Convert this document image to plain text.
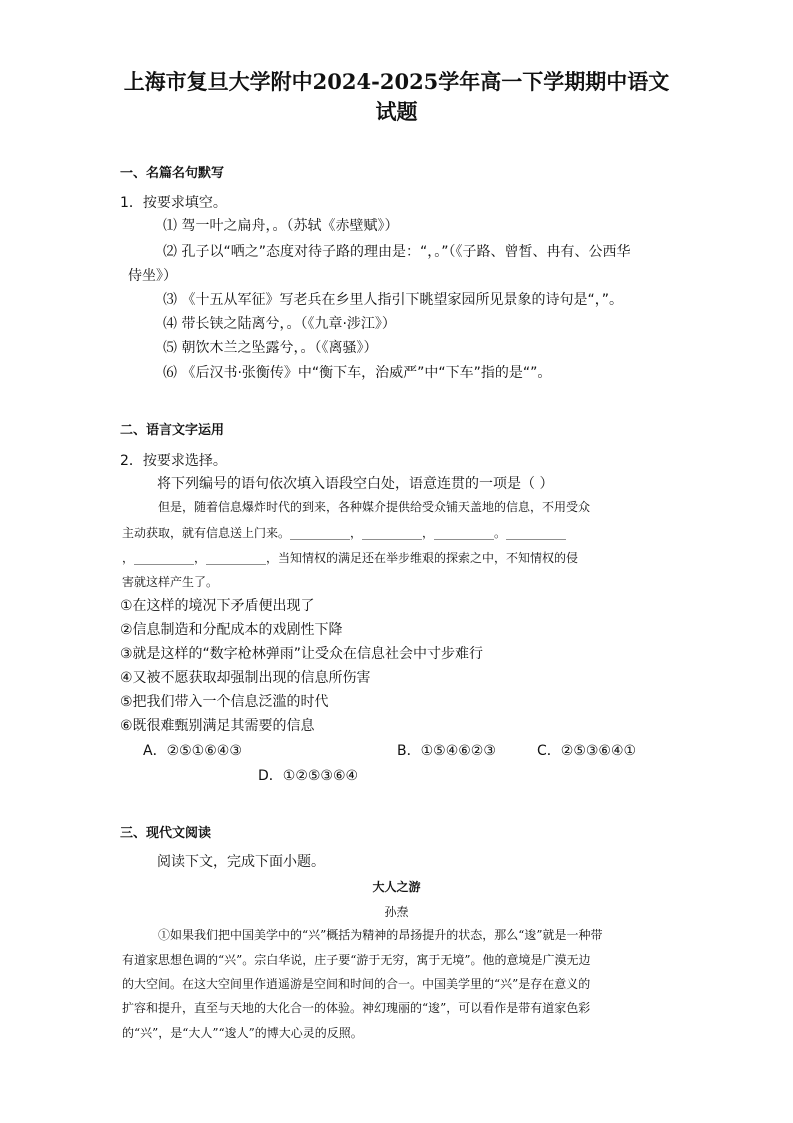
上海市复旦大学附中2024-2025学年高一下学期期中语文
试题
一、名篇名句默写
1．按要求填空。
⑴ 驾一叶之扁舟，。（苏轼《赤壁赋》）
⑵ 孔子以“哂之”态度对待子路的理由是：“，。”（《子路、曾皙、冉有、公西华
侍坐》）
⑶ 《十五从军征》写老兵在乡里人指引下眺望家园所见景象的诗句是“，”。
⑷ 带长铗之陆离兮，。（《九章·涉江》）
⑸ 朝饮木兰之坠露兮，。（《离骚》）
⑹ 《后汉书·张衡传》中“衡下车，治威严”中“下车”指的是“”。
二、语言文字运用
2．按要求选择。
将下列编号的语句依次填入语段空白处，语意连贯的一项是（ ）
但是，随着信息爆炸时代的到来，各种媒介提供给受众铺天盖地的信息，不用受众
主动获取，就有信息送上门来。__________，__________，__________。__________
，__________，__________，当知情权的满足还在举步维艰的探索之中，不知情权的侵
害就这样产生了。
①在这样的境况下矛盾便出现了
②信息制造和分配成本的戏剧性下降
③就是这样的“数字枪林弹雨”让受众在信息社会中寸步难行
④又被不愿获取却强制出现的信息所伤害
⑤把我们带入一个信息泛滥的时代
⑥既很难甄别满足其需要的信息
A．②⑤①⑥④③	B．①⑤④⑥②③	C．②⑤③⑥④①
D．①②⑤③⑥④
三、现代文阅读
阅读下文，完成下面小题。
大人之游
孙焘
①如果我们把中国美学中的“兴”概括为精神的昂扬提升的状态，那么“逡”就是一种带
有道家思想色调的“兴”。宗白华说，庄子要“游于无穷，寓于无境”。他的意境是广漠无边
的大空间。在这大空间里作逍遥游是空间和时间的合一。中国美学里的“兴”是存在意义的
扩容和提升，直至与天地的大化合一的体验。神幻瑰丽的“逡”，可以看作是带有道家色彩
的“兴”，是“大人”“逡人”的博大心灵的反照。
